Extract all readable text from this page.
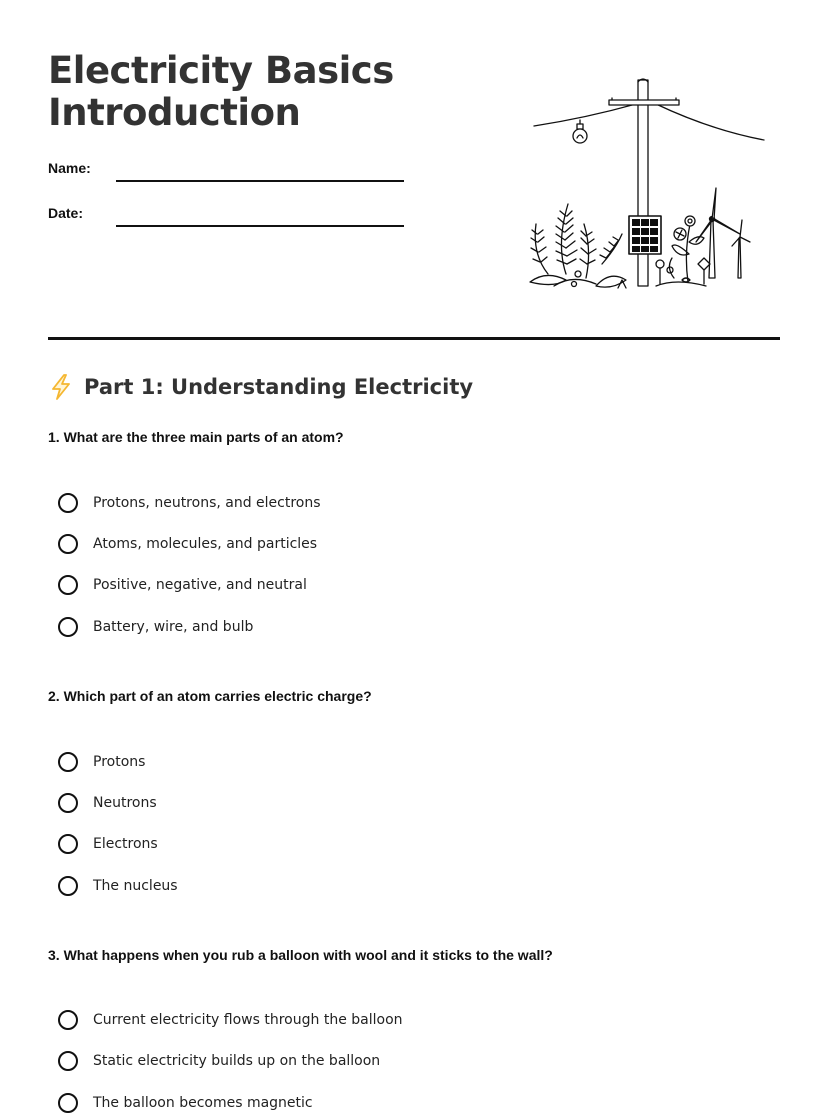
Electricity Basics
Introduction
Name:
Date:
Part 1: Understanding Electricity

1. What are the three main parts of an atom?

Protons, neutrons, and electrons
Atoms, molecules, and particles
Positive, negative, and neutral
Battery, wire, and bulb

2. Which part of an atom carries electric charge?

Protons
Neutrons
Electrons
The nucleus

3. What happens when you rub a balloon with wool and it sticks to the wall?

Current electricity flows through the balloon
Static electricity builds up on the balloon
The balloon becomes magnetic
